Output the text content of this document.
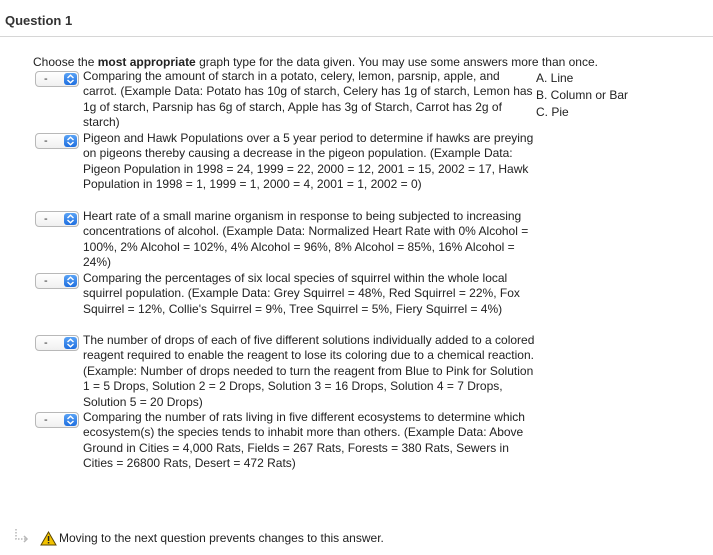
Question 1
Choose the most appropriate graph type for the data given. You may use some answers more than once.
A. Line
B. Column or Bar
C. Pie
-	Comparing the amount of starch in a potato, celery, lemon, parsnip, apple, and carrot. (Example Data: Potato has 10g of starch, Celery has 1g of starch, Lemon has 1g of starch, Parsnip has 6g of starch, Apple has 3g of Starch, Carrot has 2g of starch)

-	Pigeon and Hawk Populations over a 5 year period to determine if hawks are preying on pigeons thereby causing a decrease in the pigeon population. (Example Data: Pigeon Population in 1998 = 24, 1999 = 22, 2000 = 12, 2001 = 15, 2002 = 17, Hawk Population in 1998 = 1, 1999 = 1, 2000 = 4, 2001 = 1, 2002 = 0)

-	Heart rate of a small marine organism in response to being subjected to increasing concentrations of alcohol. (Example Data: Normalized Heart Rate with 0% Alcohol = 100%, 2% Alcohol = 102%, 4% Alcohol = 96%, 8% Alcohol = 85%, 16% Alcohol = 24%)

-	Comparing the percentages of six local species of squirrel within the whole local squirrel population. (Example Data: Grey Squirrel = 48%, Red Squirrel = 22%, Fox Squirrel = 12%, Collie's Squirrel = 9%, Tree Squirrel = 5%, Fiery Squirrel = 4%)

-	The number of drops of each of five different solutions individually added to a colored reagent required to enable the reagent to lose its coloring due to a chemical reaction. (Example: Number of drops needed to turn the reagent from Blue to Pink for Solution 1 = 5 Drops, Solution 2 = 2 Drops, Solution 3 = 16 Drops, Solution 4 = 7 Drops, Solution 5 = 20 Drops)

-	Comparing the number of rats living in five different ecosystems to determine which ecosystem(s) the species tends to inhabit more than others. (Example Data: Above Ground in Cities = 4,000 Rats, Fields = 267 Rats, Forests = 380 Rats, Sewers in Cities = 26800 Rats, Desert = 472 Rats)

Moving to the next question prevents changes to this answer.
